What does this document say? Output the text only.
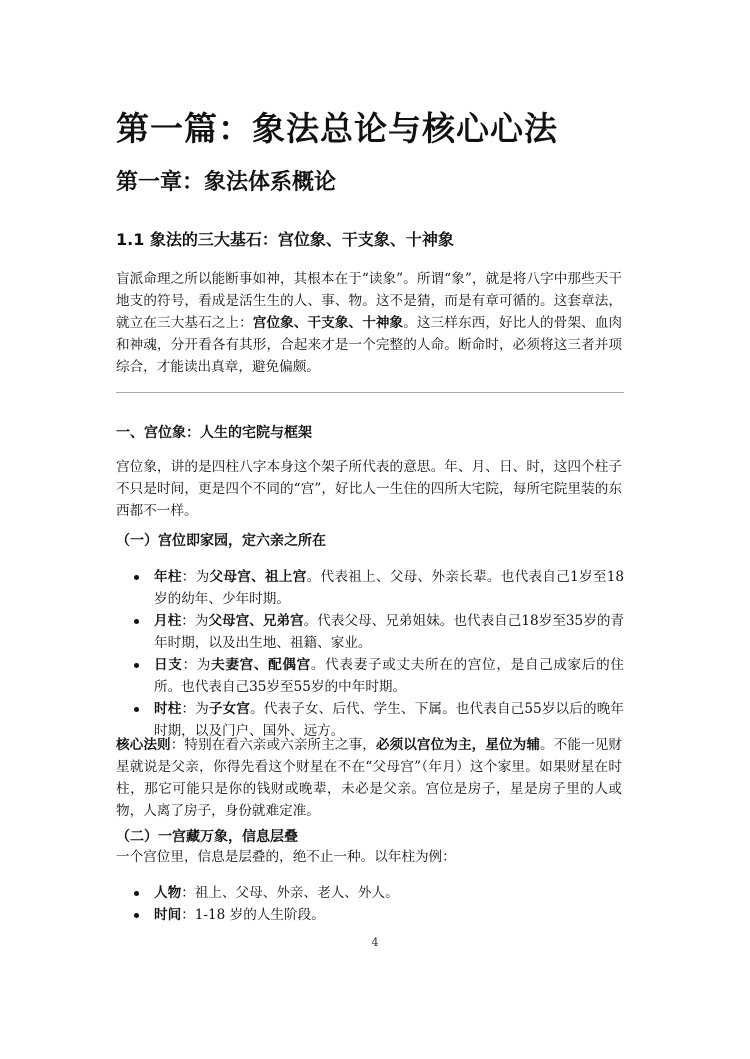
第一篇：象法总论与核心心法
第一章：象法体系概论
1.1 象法的三大基石：宫位象、干支象、十神象
盲派命理之所以能断事如神，其根本在于“读象”。所谓“象”，就是将八字中那些天干地支的符号，看成是活生生的人、事、物。这不是猜，而是有章可循的。这套章法，就立在三大基石之上：宫位象、干支象、十神象。这三样东西，好比人的骨架、血肉和神魂，分开看各有其形，合起来才是一个完整的人命。断命时，必须将这三者并项综合，才能读出真章，避免偏颇。
一、宫位象：人生的宅院与框架
宫位象，讲的是四柱八字本身这个架子所代表的意思。年、月、日、时，这四个柱子不只是时间，更是四个不同的“宫”，好比人一生住的四所大宅院，每所宅院里装的东西都不一样。
（一）宫位即家园，定六亲之所在
年柱：为父母宫、祖上宫。代表祖上、父母、外亲长辈。也代表自己1岁至18岁的幼年、少年时期。
月柱：为父母宫、兄弟宫。代表父母、兄弟姐妹。也代表自己18岁至35岁的青年时期，以及出生地、祖籍、家业。
日支：为夫妻宫、配偶宫。代表妻子或丈夫所在的宫位，是自己成家后的住所。也代表自己35岁至55岁的中年时期。
时柱：为子女宫。代表子女、后代、学生、下属。也代表自己55岁以后的晚年时期，以及门户、国外、远方。
核心法则：特别在看六亲或六亲所主之事，必须以宫位为主，星位为辅。不能一见财星就说是父亲，你得先看这个财星在不在“父母宫”（年月）这个家里。如果财星在时柱，那它可能只是你的钱财或晚辈，未必是父亲。宫位是房子，星是房子里的人或物，人离了房子，身份就难定准。
（二）一宫藏万象，信息层叠
一个宫位里，信息是层叠的，绝不止一种。以年柱为例：
人物：祖上、父母、外亲、老人、外人。
时间：1-18 岁的人生阶段。
4
